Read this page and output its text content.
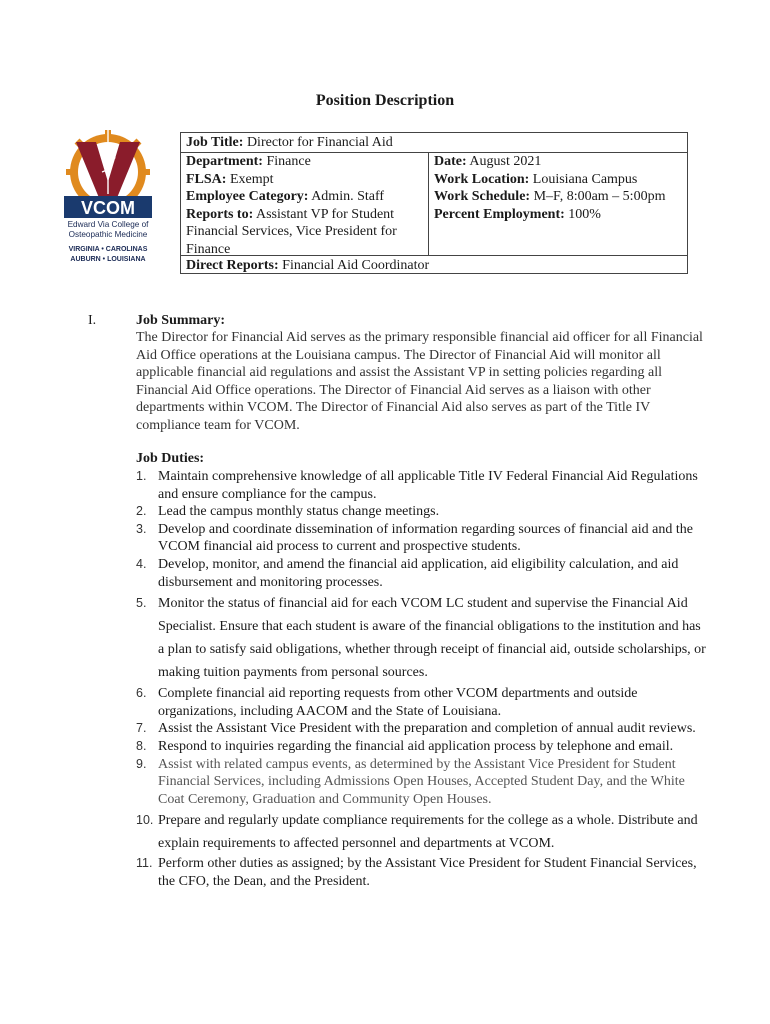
Position Description
VCOM
Edward Via College of
Osteopathic Medicine
VIRGINIA • CAROLINAS
AUBURN • LOUISIANA
Job Title: Director for Financial Aid
Department: Finance
FLSA: Exempt
Employee Category: Admin. Staff
Reports to: Assistant VP for Student Financial Services, Vice President for Finance
Date: August 2021
Work Location: Louisiana Campus
Work Schedule: M–F, 8:00am – 5:00pm
Percent Employment: 100%
Direct Reports: Financial Aid Coordinator
I.	Job Summary:
The Director for Financial Aid serves as the primary responsible financial aid officer for all Financial Aid Office operations at the Louisiana campus. The Director of Financial Aid will monitor all applicable financial aid regulations and assist the Assistant VP in setting policies regarding all Financial Aid Office operations. The Director of Financial Aid serves as a liaison with other departments within VCOM. The Director of Financial Aid also serves as part of the Title IV compliance team for VCOM.
Job Duties:
1. Maintain comprehensive knowledge of all applicable Title IV Federal Financial Aid Regulations and ensure compliance for the campus.
2. Lead the campus monthly status change meetings.
3. Develop and coordinate dissemination of information regarding sources of financial aid and the VCOM financial aid process to current and prospective students.
4. Develop, monitor, and amend the financial aid application, aid eligibility calculation, and aid disbursement and monitoring processes.
5. Monitor the status of financial aid for each VCOM LC student and supervise the Financial Aid Specialist. Ensure that each student is aware of the financial obligations to the institution and has a plan to satisfy said obligations, whether through receipt of financial aid, outside scholarships, or making tuition payments from personal sources.
6. Complete financial aid reporting requests from other VCOM departments and outside organizations, including AACOM and the State of Louisiana.
7. Assist the Assistant Vice President with the preparation and completion of annual audit reviews.
8. Respond to inquiries regarding the financial aid application process by telephone and email.
9. Assist with related campus events, as determined by the Assistant Vice President for Student Financial Services, including Admissions Open Houses, Accepted Student Day, and the White Coat Ceremony, Graduation and Community Open Houses.
10. Prepare and regularly update compliance requirements for the college as a whole. Distribute and explain requirements to affected personnel and departments at VCOM.
11. Perform other duties as assigned; by the Assistant Vice President for Student Financial Services, the CFO, the Dean, and the President.
